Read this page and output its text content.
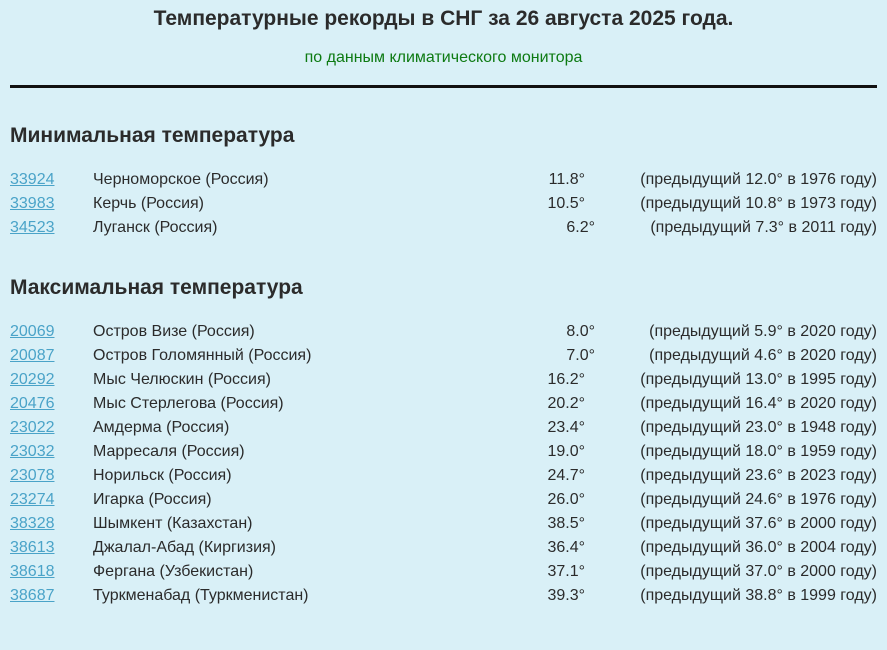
Температурные рекорды в СНГ за 26 августа 2025 года.
по данным климатического монитора
Минимальная температура
33924 Черноморское (Россия)	11.8°	(предыдущий 12.0° в 1976 году)
33983 Керчь (Россия)	10.5°	(предыдущий 10.8° в 1973 году)
34523 Луганск (Россия)	6.2°	(предыдущий 7.3° в 2011 году)
Максимальная температура
20069 Остров Визе (Россия)	8.0°	(предыдущий 5.9° в 2020 году)
20087 Остров Голомянный (Россия)	7.0°	(предыдущий 4.6° в 2020 году)
20292 Мыс Челюскин (Россия)	16.2°	(предыдущий 13.0° в 1995 году)
20476 Мыс Стерлегова (Россия)	20.2°	(предыдущий 16.4° в 2020 году)
23022 Амдерма (Россия)	23.4°	(предыдущий 23.0° в 1948 году)
23032 Марресаля (Россия)	19.0°	(предыдущий 18.0° в 1959 году)
23078 Норильск (Россия)	24.7°	(предыдущий 23.6° в 2023 году)
23274 Игарка (Россия)	26.0°	(предыдущий 24.6° в 1976 году)
38328 Шымкент (Казахстан)	38.5°	(предыдущий 37.6° в 2000 году)
38613 Джалал-Абад (Киргизия)	36.4°	(предыдущий 36.0° в 2004 году)
38618 Фергана (Узбекистан)	37.1°	(предыдущий 37.0° в 2000 году)
38687 Туркменабад (Туркменистан)	39.3°	(предыдущий 38.8° в 1999 году)
